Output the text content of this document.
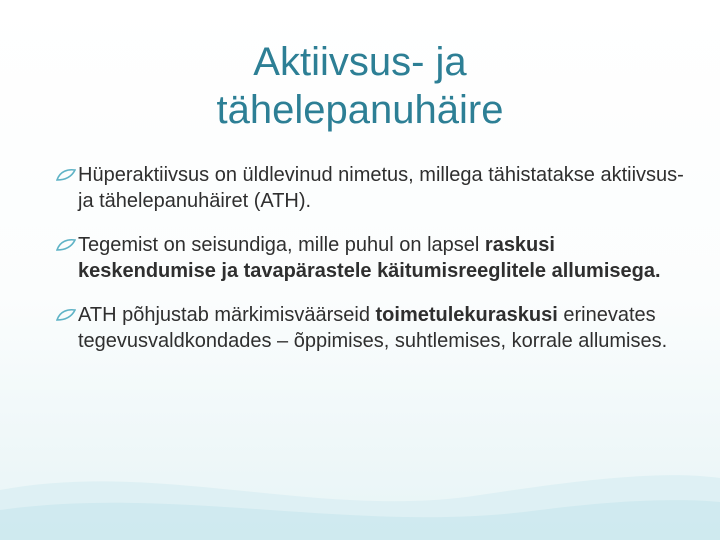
Aktiivsus- ja
tähelepanuhäire
Hüperaktiivsus on üldlevinud nimetus, millega tähistatakse aktiivsus- ja tähelepanuhäiret (ATH).
Tegemist on seisundiga, mille puhul on lapsel raskusi keskendumise ja tavapärastele käitumisreeglitele allumisega.
ATH põhjustab märkimisväärseid toimetulekuraskusi erinevates tegevusvaldkondades – õppimises, suhtlemises, korrale allumises.
